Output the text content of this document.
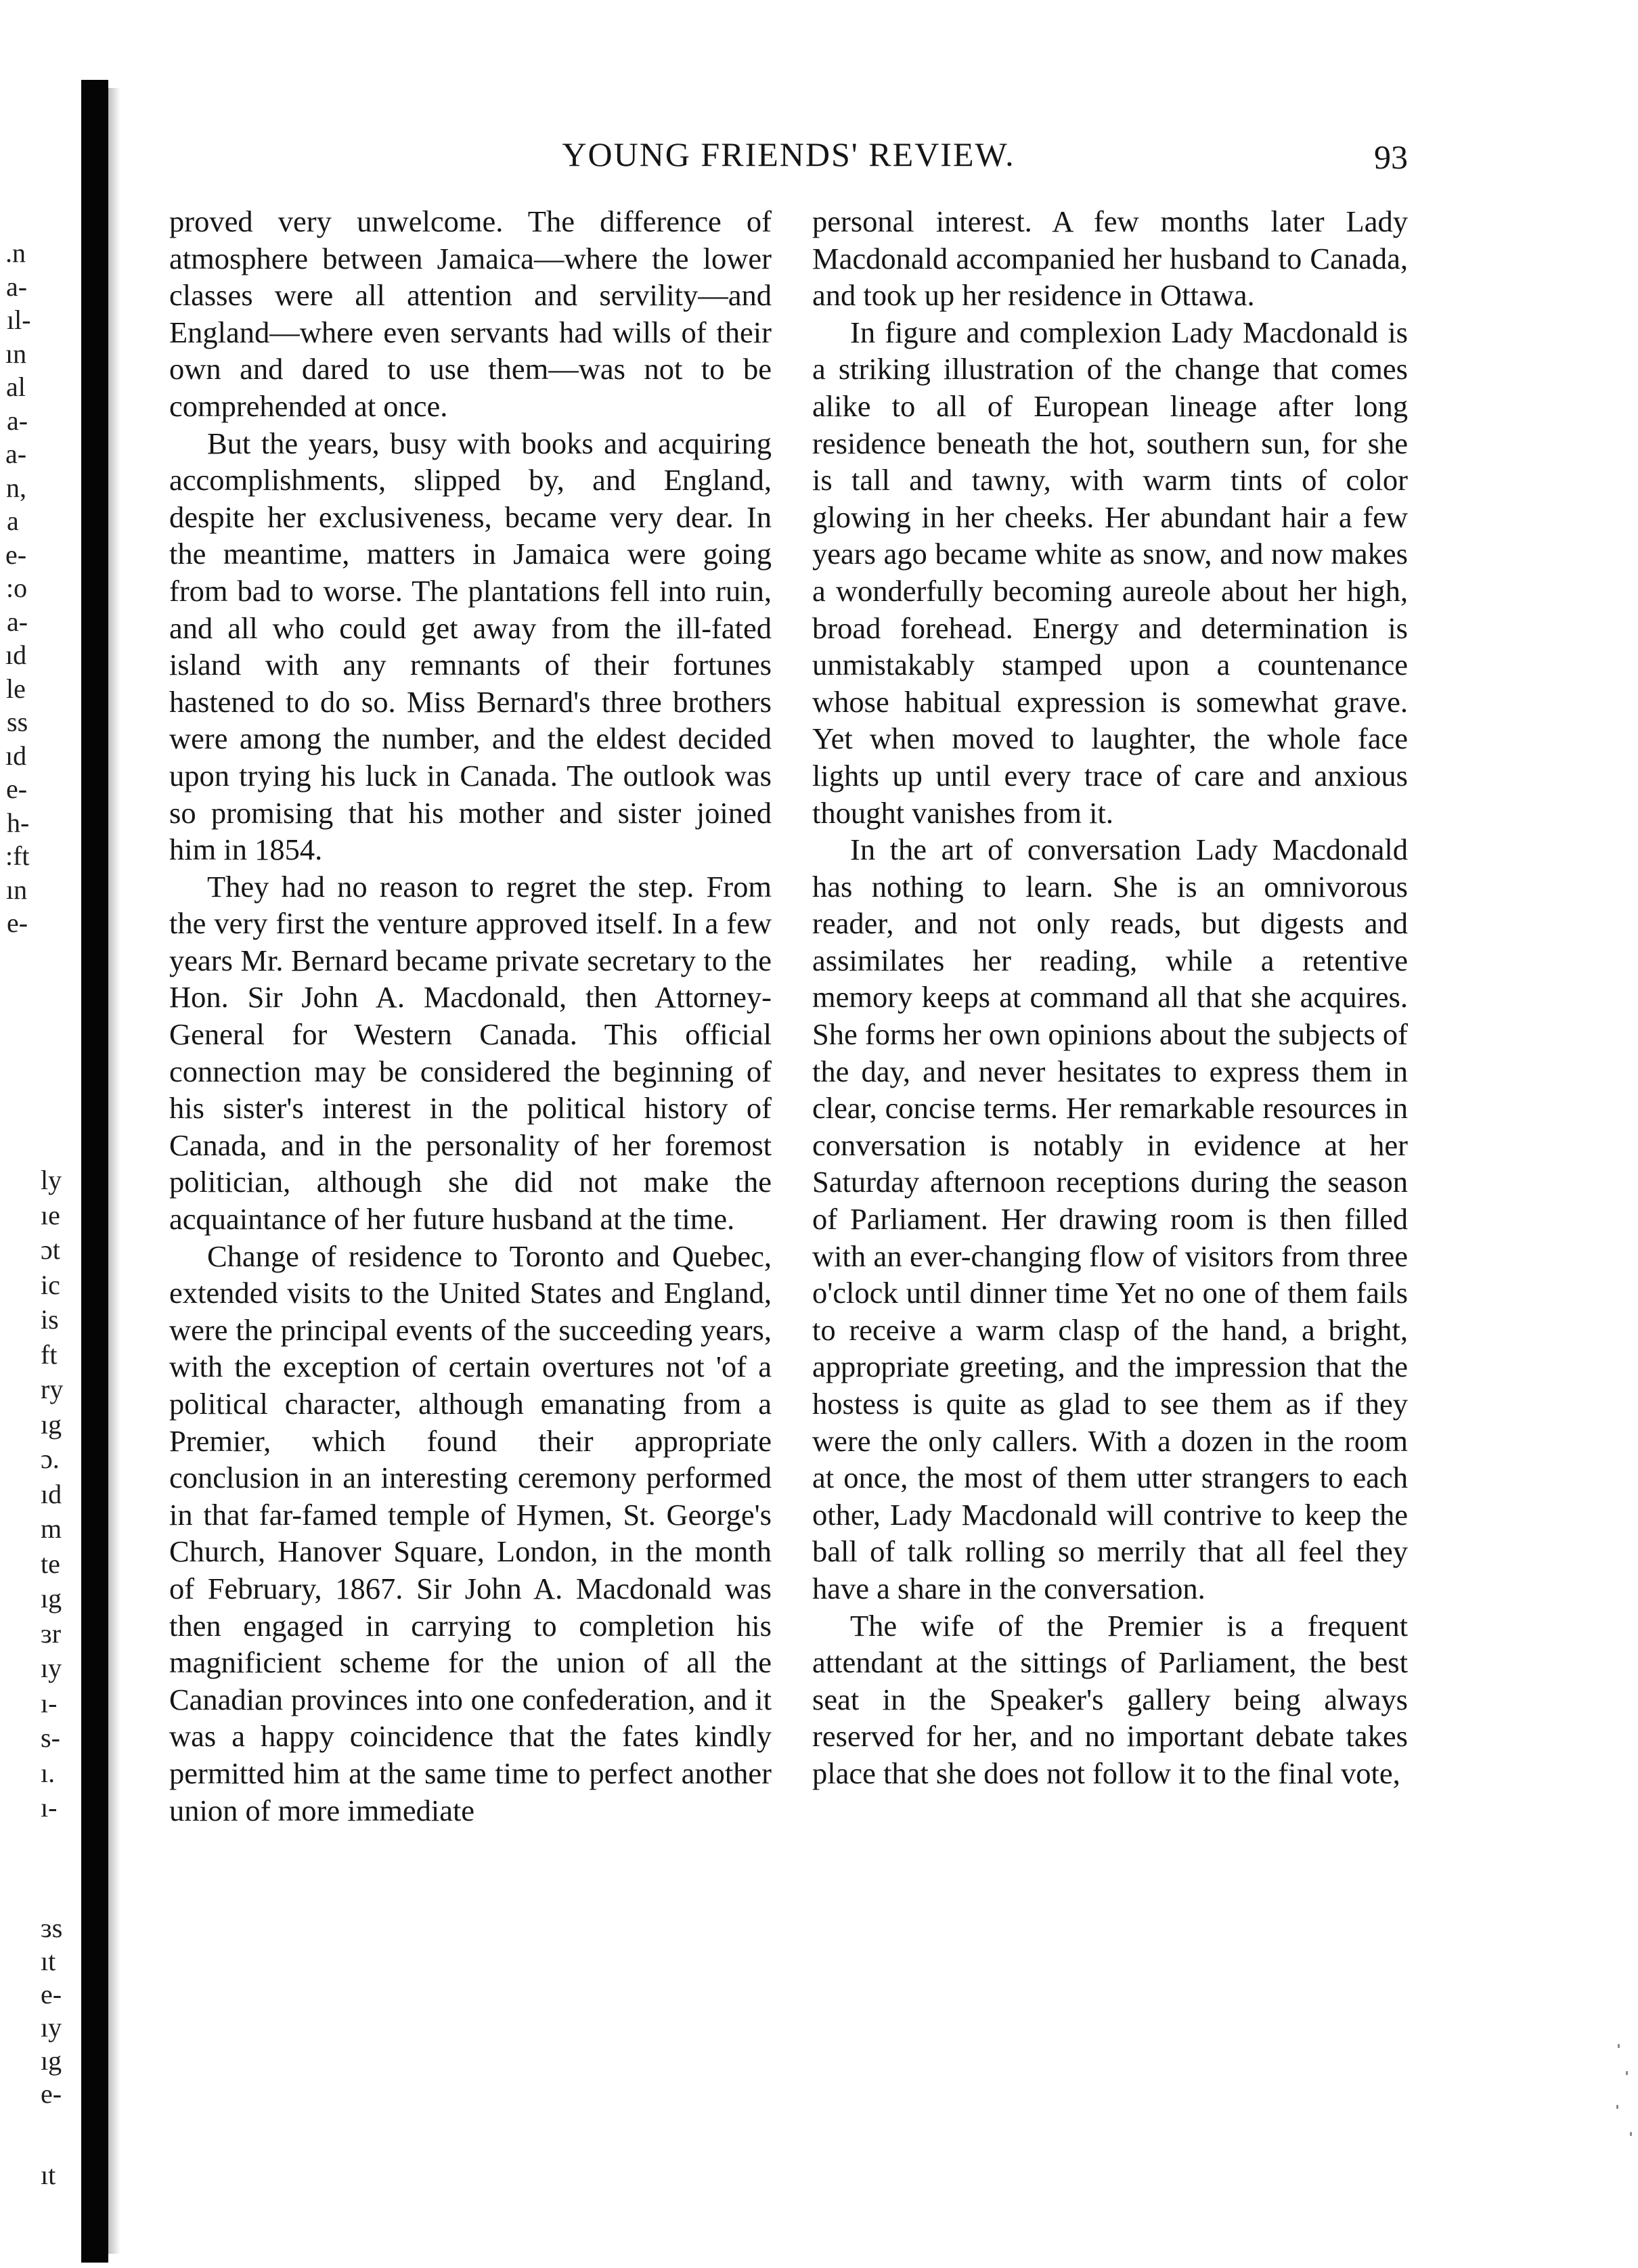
.n
a-
ıl-
ın
al
a-
a-
n,
a
e-
:o
a-
ıd
le
ss
ıd
e-
h-
:ft
ın
e-
ly
ıe
ɔt
ic
is
ft
ry
ıg
ɔ.
ıd
m
te
ıg
ɜr
ıy
ı-
s-
ı.
ı-
ɜs
ıt
e-
ıy
ıg
e-
ıt
YOUNG FRIENDS' REVIEW.	93

proved very unwelcome. The difference of atmosphere between Jamaica—where the lower classes were all attention and servility—and England—where even servants had wills of their own and dared to use them—was not to be comprehended at once.

But the years, busy with books and acquiring accomplishments, slipped by, and England, despite her exclusiveness, became very dear. In the meantime, matters in Jamaica were going from bad to worse. The plantations fell into ruin, and all who could get away from the ill-fated island with any remnants of their fortunes hastened to do so. Miss Bernard's three brothers were among the number, and the eldest decided upon trying his luck in Canada. The outlook was so promising that his mother and sister joined him in 1854.

They had no reason to regret the step. From the very first the venture approved itself. In a few years Mr. Bernard became private secretary to the Hon. Sir John A. Macdonald, then Attorney-General for Western Canada. This official connection may be considered the beginning of his sister's interest in the political history of Canada, and in the personality of her foremost politician, although she did not make the acquaintance of her future husband at the time.

Change of residence to Toronto and Quebec, extended visits to the United States and England, were the principal events of the succeeding years, with the exception of certain overtures not 'of a political character, although emanating from a Premier, which found their appropriate conclusion in an interesting ceremony performed in that far-famed temple of Hymen, St. George's Church, Hanover Square, London, in the month of February, 1867. Sir John A. Macdonald was then engaged in carrying to completion his magnificient scheme for the union of all the Canadian provinces into one confederation, and it was a happy coincidence that the fates kindly permitted him at the same time to perfect another union of more immediate

personal interest. A few months later Lady Macdonald accompanied her husband to Canada, and took up her residence in Ottawa.

In figure and complexion Lady Macdonald is a striking illustration of the change that comes alike to all of European lineage after long residence beneath the hot, southern sun, for she is tall and tawny, with warm tints of color glowing in her cheeks. Her abundant hair a few years ago became white as snow, and now makes a wonderfully becoming aureole about her high, broad forehead. Energy and determination is unmistakably stamped upon a countenance whose habitual expression is somewhat grave. Yet when moved to laughter, the whole face lights up until every trace of care and anxious thought vanishes from it.

In the art of conversation Lady Macdonald has nothing to learn. She is an omnivorous reader, and not only reads, but digests and assimilates her reading, while a retentive memory keeps at command all that she acquires. She forms her own opinions about the subjects of the day, and never hesitates to express them in clear, concise terms. Her remarkable resources in conversation is notably in evidence at her Saturday afternoon receptions during the season of Parliament. Her drawing room is then filled with an ever-changing flow of visitors from three o'clock until dinner time Yet no one of them fails to receive a warm clasp of the hand, a bright, appropriate greeting, and the impression that the hostess is quite as glad to see them as if they were the only callers. With a dozen in the room at once, the most of them utter strangers to each other, Lady Macdonald will contrive to keep the ball of talk rolling so merrily that all feel they have a share in the conversation.

The wife of the Premier is a frequent attendant at the sittings of Parliament, the best seat in the Speaker's gallery being always reserved for her, and no important debate takes place that she does not follow it to the final vote,
